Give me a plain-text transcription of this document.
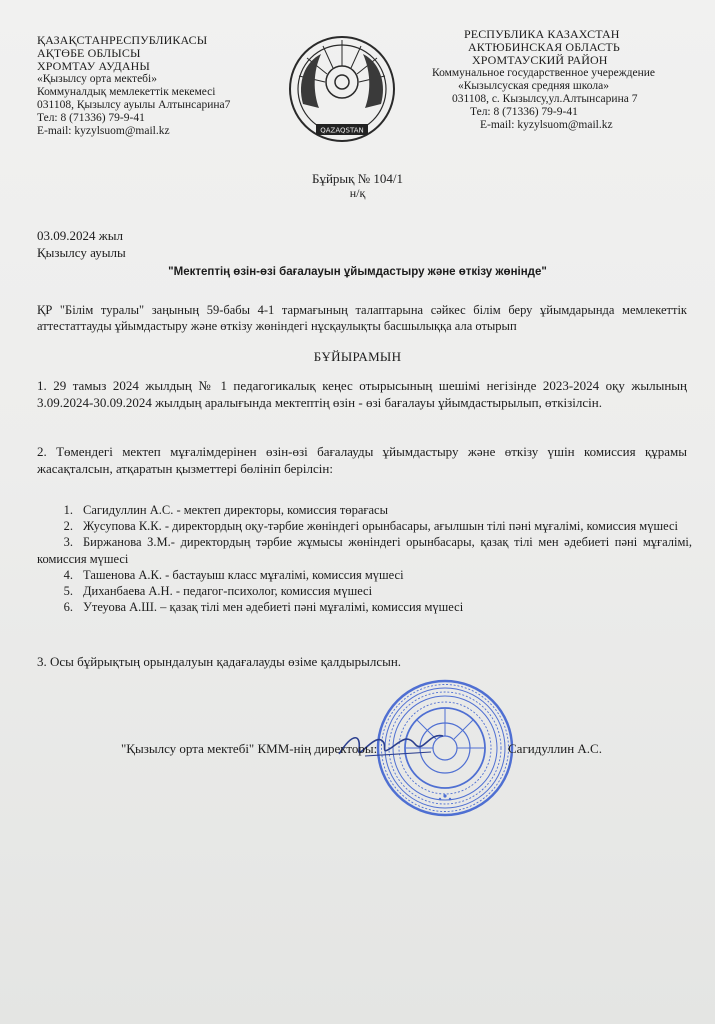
ҚАЗАҚСТАНРЕСПУБЛИКАСЫ
АҚТӨБЕ ОБЛЫСЫ
ХРОМТАУ АУДАНЫ
«Қызылсу орта мектебі»
Коммуналдық мемлекеттік мекемесі
031108, Қызылсу ауылы Алтынсарина7
Тел: 8 (71336) 79-9-41
E-mail: kyzylsuom@mail.kz	QAZAQSTAN
РЕСПУБЛИКА КАЗАХСТАН
АКТЮБИНСКАЯ ОБЛАСТЬ
ХРОМТАУСКИЙ РАЙОН
Коммунальное государственное учереждение
«Кызылсуская средняя школа»
031108, с. Кызылсу,ул.Алтынсарина 7
Тел: 8 (71336) 79-9-41
E-mail: kyzylsuom@mail.kz
Бұйрық № 104/1
н/қ
03.09.2024 жыл
Қызылсу ауылы
"Мектептің өзін-өзі бағалауын ұйымдастыру және өткізу жөнінде"
ҚР "Білім туралы" заңының 59-бабы 4-1 тармағының талаптарына сәйкес білім беру ұйымдарында мемлекеттік аттестаттауды ұйымдастыру және өткізу жөніндегі нұсқаулықты басшылыққа ала отырып
БҰЙЫРАМЫН
1. 29 тамыз 2024 жылдың № 1 педагогикалық кеңес отырысының шешімі негізінде 2023-2024 оқу жылының 3.09.2024-30.09.2024 жылдың аралығында мектептің өзін - өзі бағалауы ұйымдастырылып, өткізілсін.
2. Төмендегі мектеп мұғалімдерінен өзін-өзі бағалауды ұйымдастыру және өткізу үшін комиссия құрамы жасақталсын, атқаратын қызметтері бөлініп берілсін:
1. Сагидуллин А.С. - мектеп директоры, комиссия төрағасы
2. Жусупова К.К. - директордың оқу-тәрбие жөніндегі орынбасары, ағылшын тілі пәні мұғалімі, комиссия мүшесі
3. Биржанова З.М.- директордың тәрбие жұмысы жөніндегі орынбасары, қазақ тілі мен әдебиеті пәні мұғалімі, комиссия мүшесі
4. Ташенова А.К. - бастауыш класс мұғалімі, комиссия мүшесі
5. Диханбаева А.Н. - педагог-психолог, комиссия мүшесі
6. Утеуова А.Ш. – қазақ тілі мен әдебиеті пәні мұғалімі, комиссия мүшесі
3. Осы бұйрықтың орындалуын қадағалауды өзіме қалдырылсын.
"Қызылсу орта мектебі" КММ-нің директоры:	Сагидуллин А.С.
